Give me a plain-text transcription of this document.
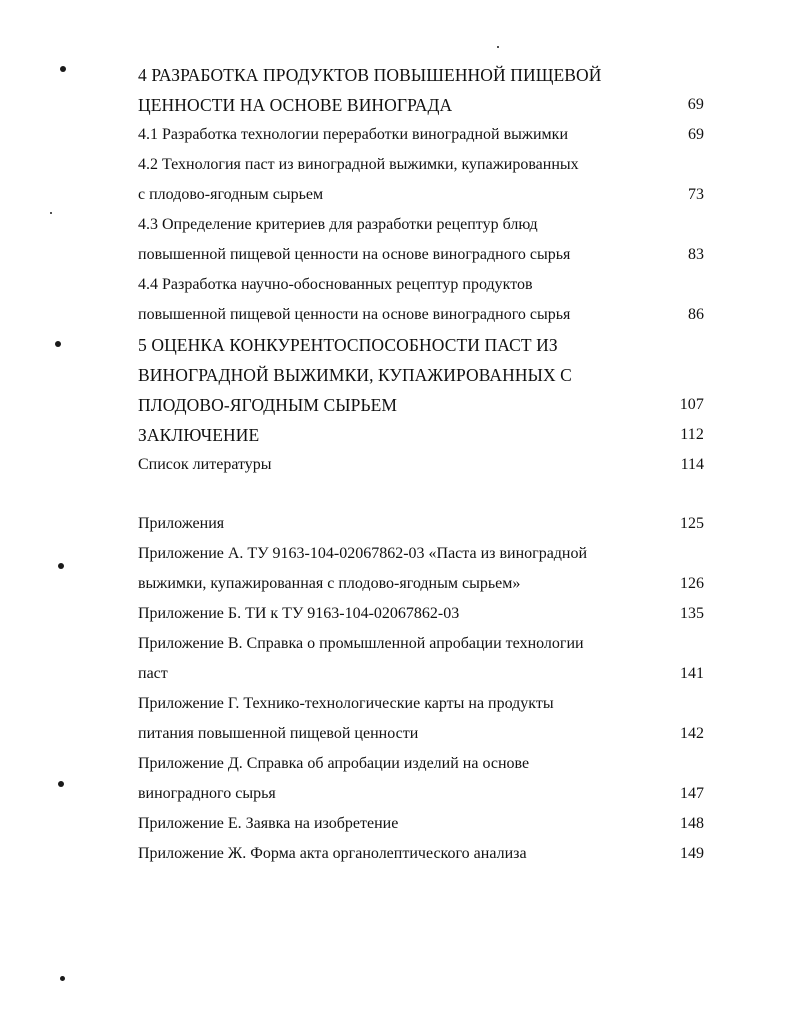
4 РАЗРАБОТКА ПРОДУКТОВ ПОВЫШЕННОЙ ПИЩЕВОЙ
ЦЕННОСТИ НА ОСНОВЕ ВИНОГРАДА	69
4.1 Разработка технологии переработки виноградной выжимки	69
4.2 Технология паст из виноградной выжимки, купажированных
с плодово-ягодным сырьем	73
4.3 Определение критериев для разработки рецептур блюд
повышенной пищевой ценности на основе виноградного сырья	83
4.4 Разработка научно-обоснованных рецептур продуктов
повышенной пищевой ценности на основе виноградного сырья	86
5 ОЦЕНКА КОНКУРЕНТОСПОСОБНОСТИ ПАСТ ИЗ
ВИНОГРАДНОЙ ВЫЖИМКИ, КУПАЖИРОВАННЫХ С
ПЛОДОВО-ЯГОДНЫМ СЫРЬЕМ	107
ЗАКЛЮЧЕНИЕ	112
Список литературы	114
Приложения	125
Приложение А. ТУ 9163-104-02067862-03 «Паста из виноградной
выжимки, купажированная с плодово-ягодным сырьем»	126
Приложение Б. ТИ к ТУ 9163-104-02067862-03	135
Приложение В. Справка о промышленной апробации технологии
паст	141
Приложение Г. Технико-технологические карты на продукты
питания повышенной пищевой ценности	142
Приложение Д. Справка об апробации изделий на основе
виноградного сырья	147
Приложение Е. Заявка на изобретение	148
Приложение Ж. Форма акта органолептического анализа	149
